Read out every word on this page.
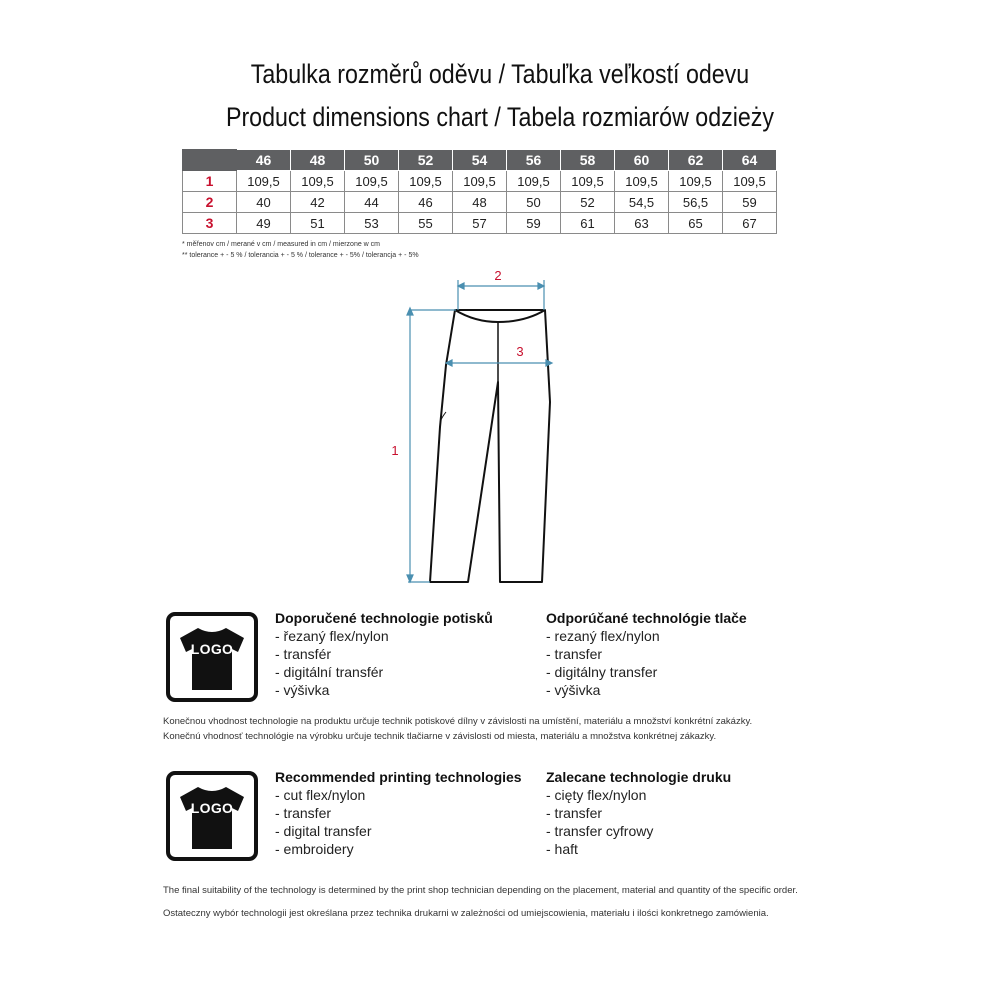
Tabulka rozměrů oděvu / Tabuľka veľkostí odevu
Product dimensions chart / Tabela rozmiarów odzieży
	46	48	50	52	54	56	58	60	62	64
1	109,5	109,5	109,5	109,5	109,5	109,5	109,5	109,5	109,5	109,5
2	40	42	44	46	48	50	52	54,5	56,5	59
3	49	51	53	55	57	59	61	63	65	67
* měřenov cm / merané v cm / measured in cm / mierzone w cm
** tolerance + - 5 % / tolerancia + - 5 % / tolerance + - 5% / tolerancja + - 5%
2
3
1
LOGO
Doporučené technologie potisků
- řezaný flex/nylon
- transfér
- digitální transfér
- výšivka
Odporúčané technológie tlače
- rezaný flex/nylon
- transfer
- digitálny transfer
- výšivka
Konečnou vhodnost technologie na produktu určuje technik potiskové dílny v závislosti na umístění, materiálu a množství konkrétní zakázky.
Konečnú vhodnosť technológie na výrobku určuje technik tlačiarne v závislosti od miesta, materiálu a množstva konkrétnej zákazky.
LOGO
Recommended printing technologies
- cut flex/nylon
- transfer
- digital transfer
- embroidery
Zalecane technologie druku
- cięty flex/nylon
- transfer
- transfer cyfrowy
- haft
The final suitability of the technology is determined by the print shop technician depending on the placement, material and quantity of the specific order.
Ostateczny wybór technologii jest określana przez technika drukarni w zależności od umiejscowienia, materiału i ilości konkretnego zamówienia.
